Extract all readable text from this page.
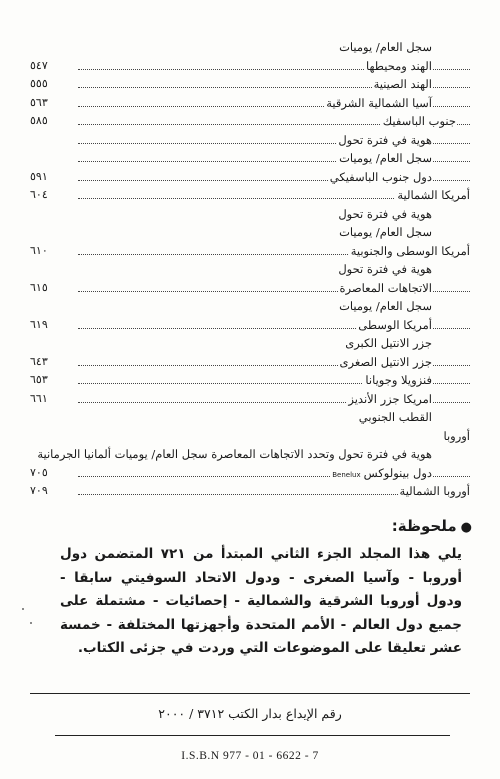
سجل العام/ يوميات
الهند ومحيطها
٥٤٧
الهند الصينية
٥٥٥
آسيا الشمالية الشرقية
٥٦٣
جنوب الباسفيك
٥٨٥
هوية في فترة تحول
سجل العام/ يوميات
دول جنوب الباسفيكي
٥٩١
أمريكا الشمالية
٦٠٤
هوية في فترة تحول
سجل العام/ يوميات
أمريكا الوسطى والجنوبية
٦١٠
هوية في فترة تحول
الاتجاهات المعاصرة
٦١٥
سجل العام/ يوميات
أمريكا الوسطى
٦١٩
جزر الانتيل الكبرى
جزر الانتيل الصغرى
٦٤٣
فنزويلا وجويانا
٦٥٣
امريكا جزر الأنديز
٦٦١
القطب الجنوبي
أوروبا
هوية في فترة تحول وتحدد الاتجاهات المعاصرة سجل العام/ يوميات ألمانيا الجرمانية
دول بينولوكسBenelux
٧٠٥
أوروبا الشمالية
٧٠٩
●ملحوظة:
يلي هذا المجلد الجزء الثاني المبتدأ من ٧٢١ المتضمن دول أوروبا - وآسيا الصغرى - ودول الاتحاد السوفيتي سابقا - ودول أوروبا الشرقية والشمالية - إحصائيات - مشتملة على جميع دول العالم - الأمم المتحدة وأجهزتها المختلفة - خمسة عشر تعليقا على الموضوعات التي وردت في جزئى الكتاب.
رقم الإيداع بدار الكتب ٣٧١٢ / ٢٠٠٠
I.S.B.N 977 - 01 - 6622 - 7
